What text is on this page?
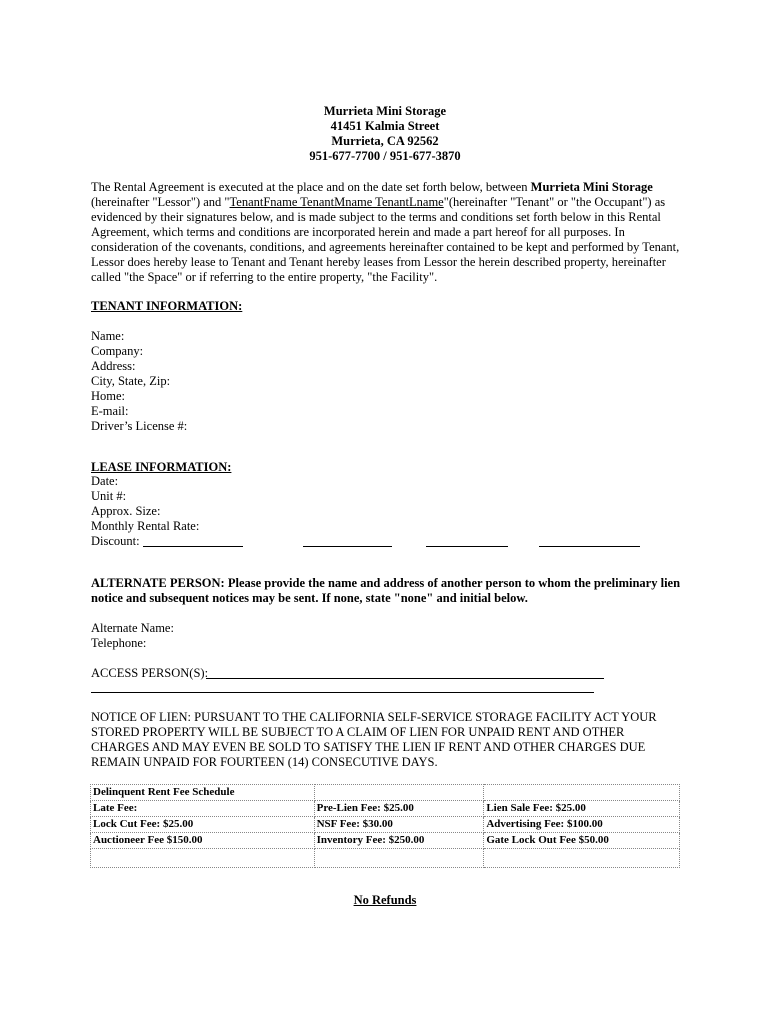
Murrieta Mini Storage
41451 Kalmia Street
Murrieta, CA 92562
951-677-7700 / 951-677-3870
The Rental Agreement is executed at the place and on the date set forth below, between Murrieta Mini Storage (hereinafter "Lessor") and "TenantFname TenantMname TenantLname"(hereinafter "Tenant" or "the Occupant") as evidenced by their signatures below, and is made subject to the terms and conditions set forth below in this Rental Agreement, which terms and conditions are incorporated herein and made a part hereof for all purposes. In consideration of the covenants, conditions, and agreements hereinafter contained to be kept and performed by Tenant, Lessor does hereby lease to Tenant and Tenant hereby leases from Lessor the herein described property, hereinafter called "the Space" or if referring to the entire property, "the Facility".
TENANT INFORMATION:
Name:
Company:
Address:
City, State, Zip:
Home:
E-mail:
Driver’s License #:
LEASE INFORMATION:
Date:
Unit #:
Approx. Size:
Monthly Rental Rate:
Discount:
ALTERNATE PERSON: Please provide the name and address of another person to whom the preliminary lien notice and subsequent notices may be sent. If none, state "none" and initial below.
Alternate Name:
Telephone:
ACCESS PERSON(S):
NOTICE OF LIEN: PURSUANT TO THE CALIFORNIA SELF-SERVICE STORAGE FACILITY ACT YOUR STORED PROPERTY WILL BE SUBJECT TO A CLAIM OF LIEN FOR UNPAID RENT AND OTHER CHARGES AND MAY EVEN BE SOLD TO SATISFY THE LIEN IF RENT AND OTHER CHARGES DUE REMAIN UNPAID FOR FOURTEEN (14) CONSECUTIVE DAYS.
Delinquent Rent Fee Schedule		
Late Fee:	Pre-Lien Fee: $25.00	Lien Sale Fee: $25.00
Lock Cut Fee: $25.00	NSF Fee: $30.00	Advertising Fee: $100.00
Auctioneer Fee $150.00	Inventory Fee: $250.00	Gate Lock Out Fee $50.00

No Refunds
